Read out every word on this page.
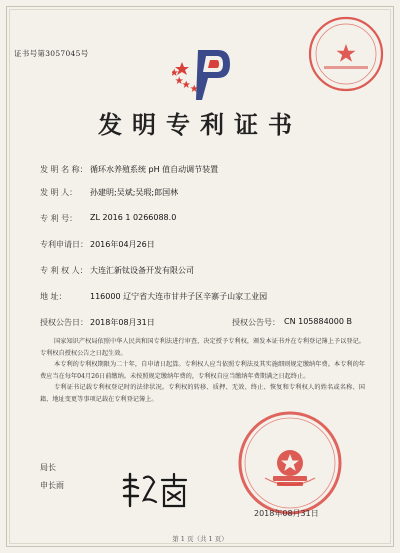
证书号第3057045号
发明专利证书
发 明 名 称： 循环水养殖系统 pH 值自动调节装置
发 明 人： 孙建明;吴斌;吴瑕;郎国林
专 利 号： ZL 2016 1 0266088.0
专利申请日： 2016年04月26日
专 利 权 人： 大连汇新钛设备开发有限公司
地 址：	116000 辽宁省大连市甘井子区辛寨子山家工业园
授权公告日： 2018年08月31日	授权公告号： CN 105884000 B

国家知识产权局依照中华人民共和国专利法进行审查，决定授予专利权，颁发本证书并在专利登记簿上予以登记。专利权自授权公告之日起生效。

本专利的专利权期限为二十年，自申请日起算。专利权人应当依照专利法及其实施细则规定缴纳年费。本专利的年费应当在每年04月26日前缴纳。未按照规定缴纳年费的，专利权自应当缴纳年费期满之日起终止。

专利证书记载专利权登记时的法律状况。专利权的转移、质押、无效、终止、恢复和专利权人的姓名或名称、国籍、地址变更等事项记载在专利登记簿上。

局长
申长雨
2018年08月31日
第 1 页（共 1 页）
